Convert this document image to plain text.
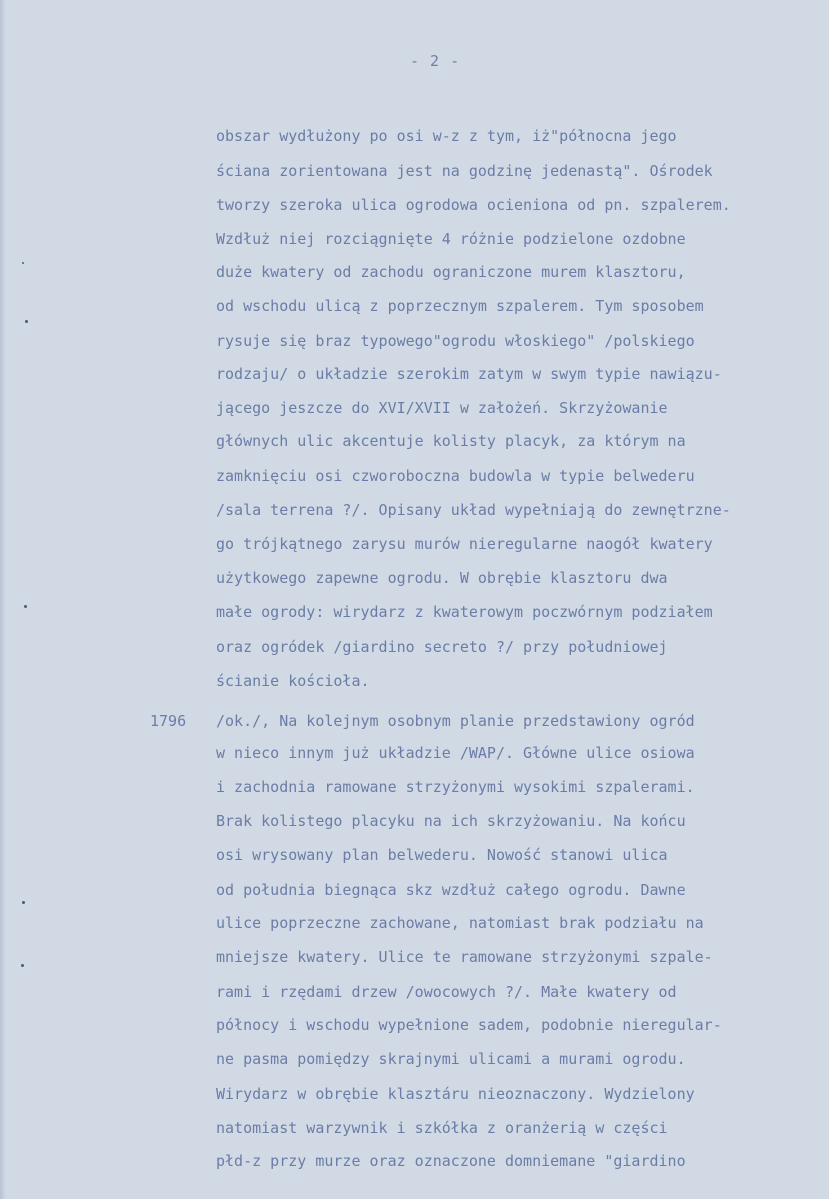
- 2 -
obszar wydłużony po osi w-z z tym, iż"północna jego
ściana zorientowana jest na godzinę jedenastą". Ośrodek
tworzy szeroka ulica ogrodowa ocieniona od pn. szpalerem.
Wzdłuż niej rozciągnięte 4 różnie podzielone ozdobne
duże kwatery od zachodu ograniczone murem klasztoru,
od wschodu ulicą z poprzecznym szpalerem. Tym sposobem
rysuje się braz typowego"ogrodu włoskiego" /polskiego
rodzaju/ o układzie szerokim zatym w swym typie nawiązu-
jącego jeszcze do XVI/XVII w założeń. Skrzyżowanie
głównych ulic akcentuje kolisty placyk, za którym na
zamknięciu osi czworoboczna budowla w typie belwederu
/sala terrena ?/. Opisany układ wypełniają do zewnętrzne-
go trójkątnego zarysu murów nieregularne naogół kwatery
użytkowego zapewne ogrodu. W obrębie klasztoru dwa
małe ogrody: wirydarz z kwaterowym poczwórnym podziałem
oraz ogródek /giardino secreto ?/ przy południowej
ścianie kościoła.
1796 /ok./, Na kolejnym osobnym planie przedstawiony ogród
w nieco innym już układzie /WAP/. Główne ulice osiowa
i zachodnia ramowane strzyżonymi wysokimi szpalerami.
Brak kolistego placyku na ich skrzyżowaniu. Na końcu
osi wrysowany plan belwederu. Nowość stanowi ulica
od południa biegnąca skz wzdłuż całego ogrodu. Dawne
ulice poprzeczne zachowane, natomiast brak podziału na
mniejsze kwatery. Ulice te ramowane strzyżonymi szpale-
rami i rzędami drzew /owocowych ?/. Małe kwatery od
północy i wschodu wypełnione sadem, podobnie nieregular-
ne pasma pomiędzy skrajnymi ulicami a murami ogrodu.
Wirydarz w obrębie klasztáru nieoznaczony. Wydzielony
natomiast warzywnik i szkółka z oranżerią w części
płd-z przy murze oraz oznaczone domniemane "giardino
